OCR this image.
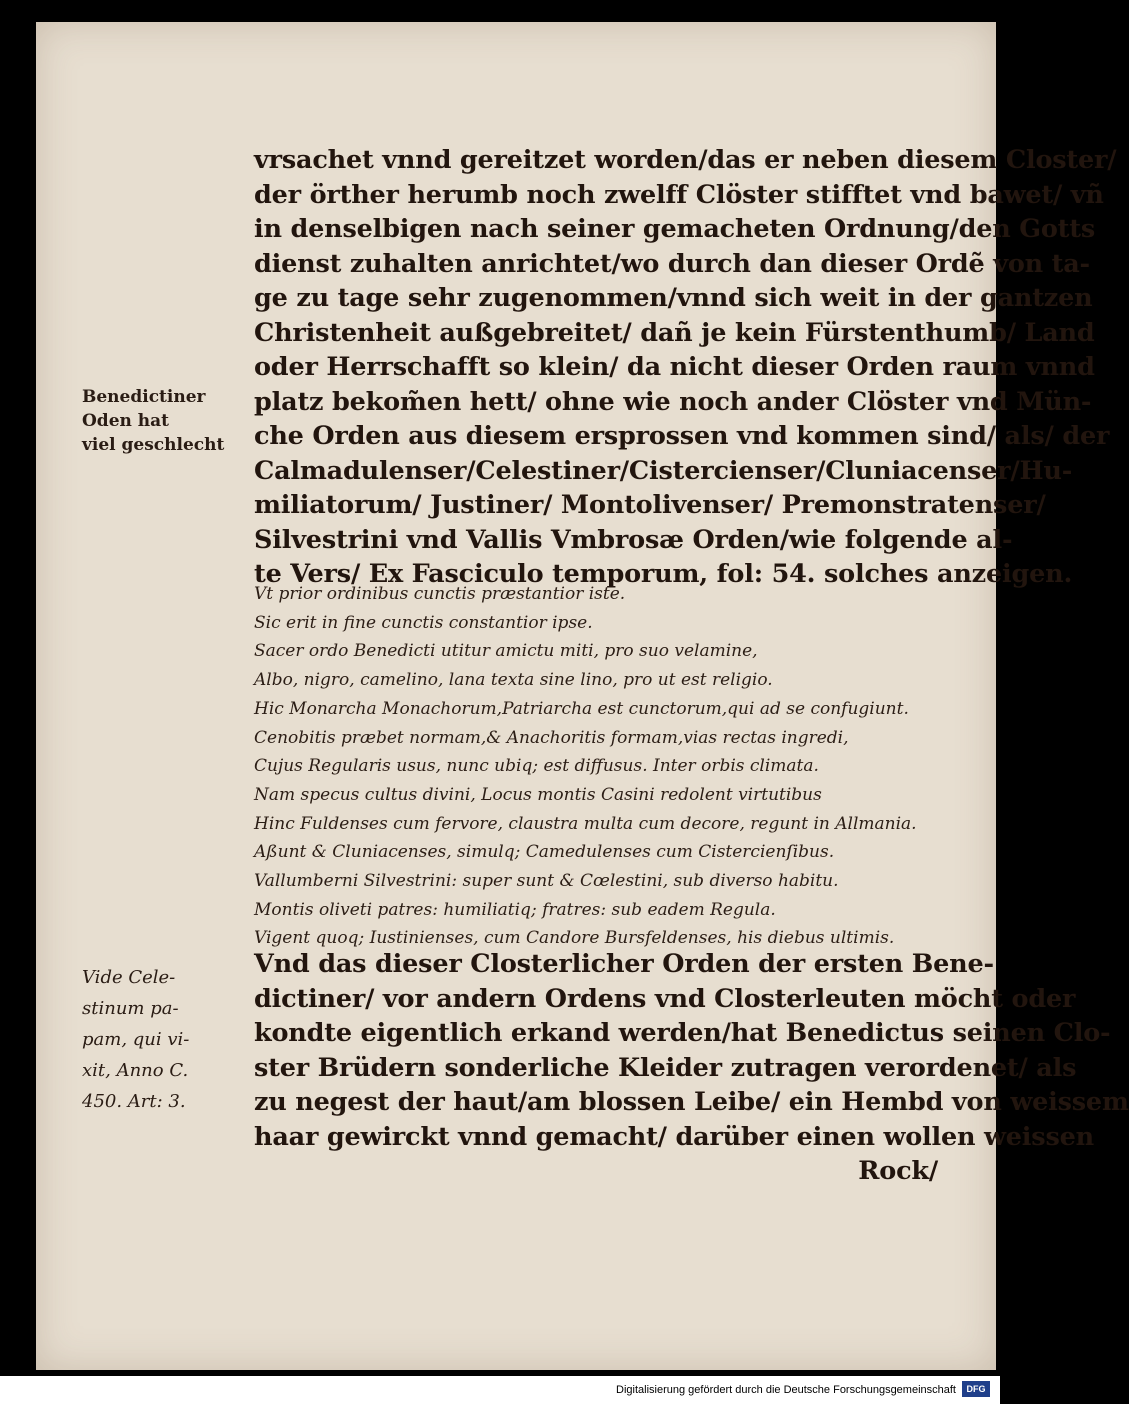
Benedictiner
Oden hat
viel geschlecht
Vide Cele-
stinum pa-
pam, qui vi-
xit, Anno C.
450. Art: 3.
vrsachet vnnd gereitzet worden/das er neben diesem Closter/
der örther herumb noch zwelff Clöster stifftet vnd bawet/ vñ
in denselbigen nach seiner gemacheten Ordnung/den Gotts
dienst zuhalten anrichtet/wo durch dan dieser Ordẽ von ta-
ge zu tage sehr zugenommen/vnnd sich weit in der gantzen
Christenheit außgebreitet/ dañ je kein Fürstenthumb/ Land
oder Herrschafft so klein/ da nicht dieser Orden raum vnnd
platz bekom̃en hett/ ohne wie noch ander Clöster vnd Mün-
che Orden aus diesem ersprossen vnd kommen sind/ als/ der
Calmadulenser/Celestiner/Cistercienser/Cluniacenser/Hu-
miliatorum/ Justiner/ Montolivenser/ Premonstratenser/
Silvestrini vnd Vallis Vmbrosæ Orden/wie folgende al-
te Vers/ Ex Fasciculo temporum, fol: 54. solches anzeigen.
Vt prior ordinibus cunctis præstantior iste.
Sic erit in fine cunctis constantior ipse.
Sacer ordo Benedicti utitur amictu miti, pro suo velamine,
Albo, nigro, camelino, lana texta sine lino, pro ut est religio.
Hic Monarcha Monachorum,Patriarcha est cunctorum,qui ad se confugiunt.
Cenobitis præbet normam,& Anachoritis formam,vias rectas ingredi,
Cujus Regularis usus, nunc ubiq; est diffusus. Inter orbis climata.
Nam specus cultus divini, Locus montis Casini redolent virtutibus
Hinc Fuldenses cum fervore, claustra multa cum decore, regunt in Allmania.
Aßunt & Cluniacenses, simulq; Camedulenses cum Cistercienſibus.
Vallumberni Silvestrini: super sunt & Cœlestini, sub diverso habitu.
Montis oliveti patres: humiliatiq; fratres: sub eadem Regula.
Vigent quoq; Iustinienses, cum Candore Bursfeldenses, his diebus ultimis.
Vnd das dieser Closterlicher Orden der ersten Bene-
dictiner/ vor andern Ordens vnd Closterleuten möcht oder
kondte eigentlich erkand werden/hat Benedictus seinen Clo-
ster Brüdern sonderliche Kleider zutragen verordenet/ als
zu negest der haut/am blossen Leibe/ ein Hembd von weissem
haar gewirckt vnnd gemacht/ darüber einen wollen weissen
Rock/
Digitalisierung gefördert durch die Deutsche Forschungsgemeinschaft	DFG
